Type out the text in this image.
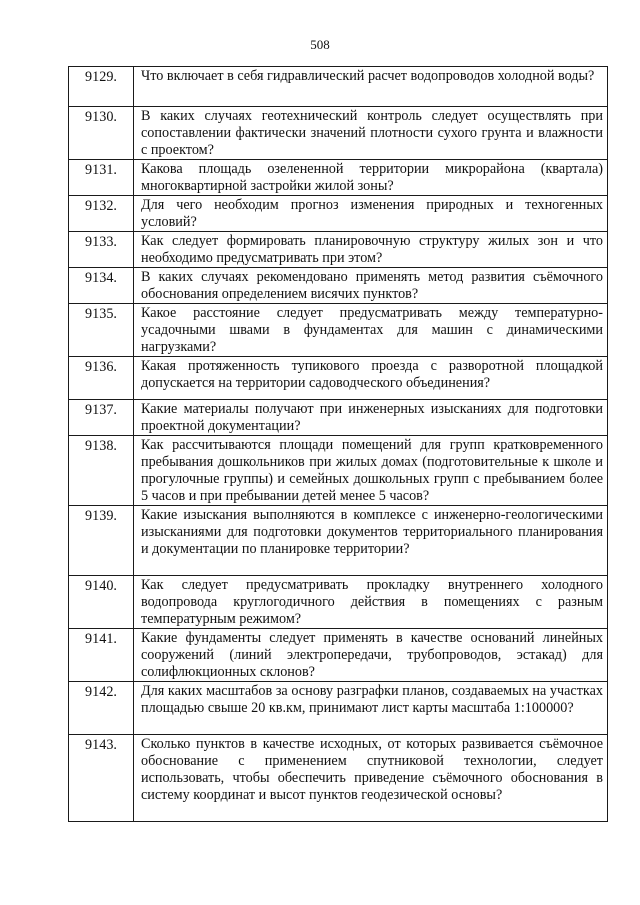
508
9129.	Что включает в себя гидравлический расчет водопроводов холодной воды?
9130.	В каких случаях геотехнический контроль следует осуществлять при сопоставлении фактически значений плотности сухого грунта и влажности с проектом?
9131.	Какова площадь озелененной территории микрорайона (квартала) многоквартирной застройки жилой зоны?
9132.	Для чего необходим прогноз изменения природных и техногенных условий?
9133.	Как следует формировать планировочную структуру жилых зон и что необходимо предусматривать при этом?
9134.	В каких случаях рекомендовано применять метод развития съёмочного обоснования определением висячих пунктов?
9135.	Какое расстояние следует предусматривать между температурно-усадочными швами в фундаментах для машин с динамическими нагрузками?
9136.	Какая протяженность тупикового проезда с разворотной площадкой допускается на территории садоводческого объединения?
9137.	Какие материалы получают при инженерных изысканиях для подготовки проектной документации?
9138.	Как рассчитываются площади помещений для групп кратковременного пребывания дошкольников при жилых домах (подготовительные к школе и прогулочные группы) и семейных дошкольных групп с пребыванием более 5 часов и при пребывании детей менее 5 часов?
9139.	Какие изыскания выполняются в комплексе с инженерно-геологическими изысканиями для подготовки документов территориального планирования и документации по планировке территории?
9140.	Как следует предусматривать прокладку внутреннего холодного водопровода круглогодичного действия в помещениях с разным температурным режимом?
9141.	Какие фундаменты следует применять в качестве оснований линейных сооружений (линий электропередачи, трубопроводов, эстакад) для солифлюкционных склонов?
9142.	Для каких масштабов за основу разграфки планов, создаваемых на участках площадью свыше 20 кв.км, принимают лист карты масштаба 1:100000?
9143.	Сколько пунктов в качестве исходных, от которых развивается съёмочное обоснование с применением спутниковой технологии, следует использовать, чтобы обеспечить приведение съёмочного обоснования в систему координат и высот пунктов геодезической основы?
